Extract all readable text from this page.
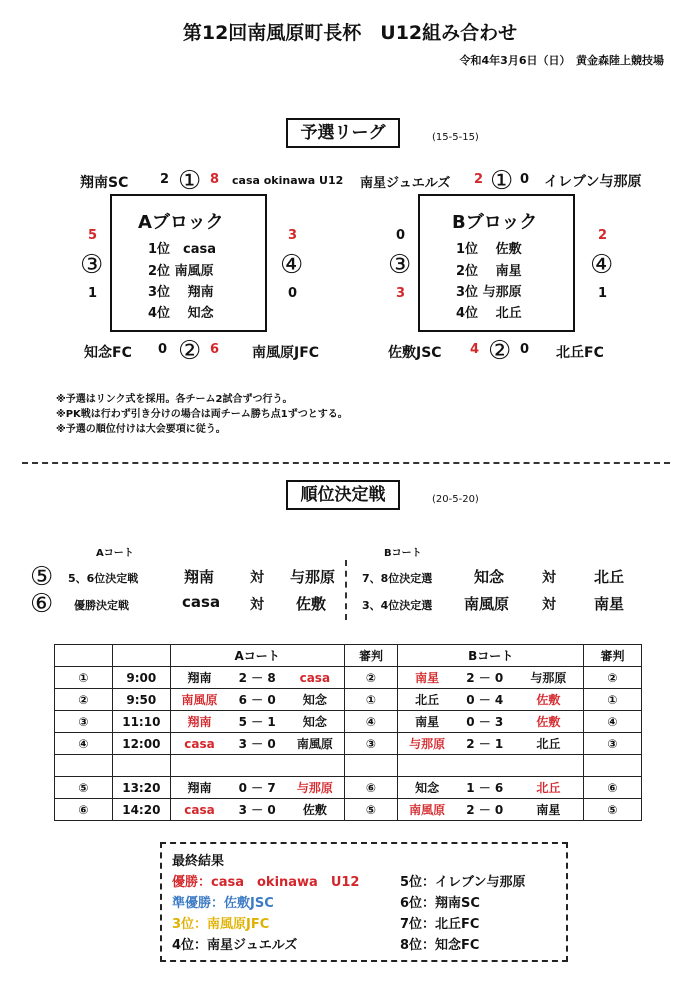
第12回南風原町長杯　U12組み合わせ
令和4年3月6日（日）　黄金森陸上競技場
予選リーグ	(15-5-15)
Aブロック
1位　casa
2位 南風原
3位　 翔南
4位　 知念
翔南SC 2 ① 8 casa okinawa U12
5
③
1
3
④
0
知念FC 0 ② 6 南風原JFC
Bブロック
1位　 佐敷
2位　 南星
3位 与那原
4位　 北丘
南星ジュエルズ 2 ① 0 イレブン与那原
0
③
3
2
④
1
佐敷JSC 4 ② 0 北丘FC
※予選はリンク式を採用。各チーム2試合ずつ行う。
※PK戦は行わず引き分けの場合は両チーム勝ち点1ずつとする。
※予選の順位付けは大会要項に従う。
順位決定戦	(20-5-20)
Aコート	Bコート
⑤ 5、6位決定戦	翔南	対 与那原
⑥ 優勝決定戦	casa 対 佐敷
7、8位決定選	知念	対	北丘
3、4位決定選 南風原 対	南星
		Aコート			審判	Bコート			審判
①	9:00	翔南	2 － 8	casa	②	南星	2 － 0	与那原	②
②	9:50	南風原	6 － 0	知念	①	北丘	0 － 4	佐敷	①
③	11:10	翔南	5 － 1	知念	④	南星	0 － 3	佐敷	④
④	12:00	casa	3 － 0	南風原	③	与那原	2 － 1	北丘	③

⑤	13:20	翔南	0 － 7	与那原	⑥	知念	1 － 6	北丘	⑥
⑥	14:20	casa	3 － 0	佐敷	⑤	南風原	2 － 0	南星	⑤
最終結果
優勝：casa　okinawa　U12
準優勝：佐敷JSC
3位：南風原JFC
4位：南星ジュエルズ
5位：イレブン与那原
6位：翔南SC
7位：北丘FC
8位：知念FC
